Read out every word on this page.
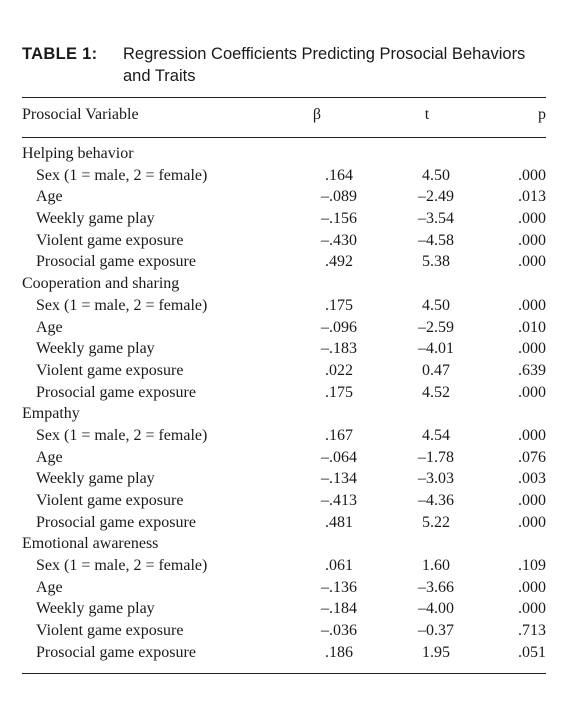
TABLE 1: Regression Coefficients Predicting Prosocial Behaviors
and Traits
Prosocial Variable	β	t	p
Helping behavior
Sex (1 = male, 2 = female)	.164	4.50	.000
Age	–.089	–2.49	.013
Weekly game play	–.156	–3.54	.000
Violent game exposure	–.430	–4.58	.000
Prosocial game exposure	.492	5.38	.000
Cooperation and sharing
Sex (1 = male, 2 = female)	.175	4.50	.000
Age	–.096	–2.59	.010
Weekly game play	–.183	–4.01	.000
Violent game exposure	.022	0.47	.639
Prosocial game exposure	.175	4.52	.000
Empathy
Sex (1 = male, 2 = female)	.167	4.54	.000
Age	–.064	–1.78	.076
Weekly game play	–.134	–3.03	.003
Violent game exposure	–.413	–4.36	.000
Prosocial game exposure	.481	5.22	.000
Emotional awareness
Sex (1 = male, 2 = female)	.061	1.60	.109
Age	–.136	–3.66	.000
Weekly game play	–.184	–4.00	.000
Violent game exposure	–.036	–0.37	.713
Prosocial game exposure	.186	1.95	.051
